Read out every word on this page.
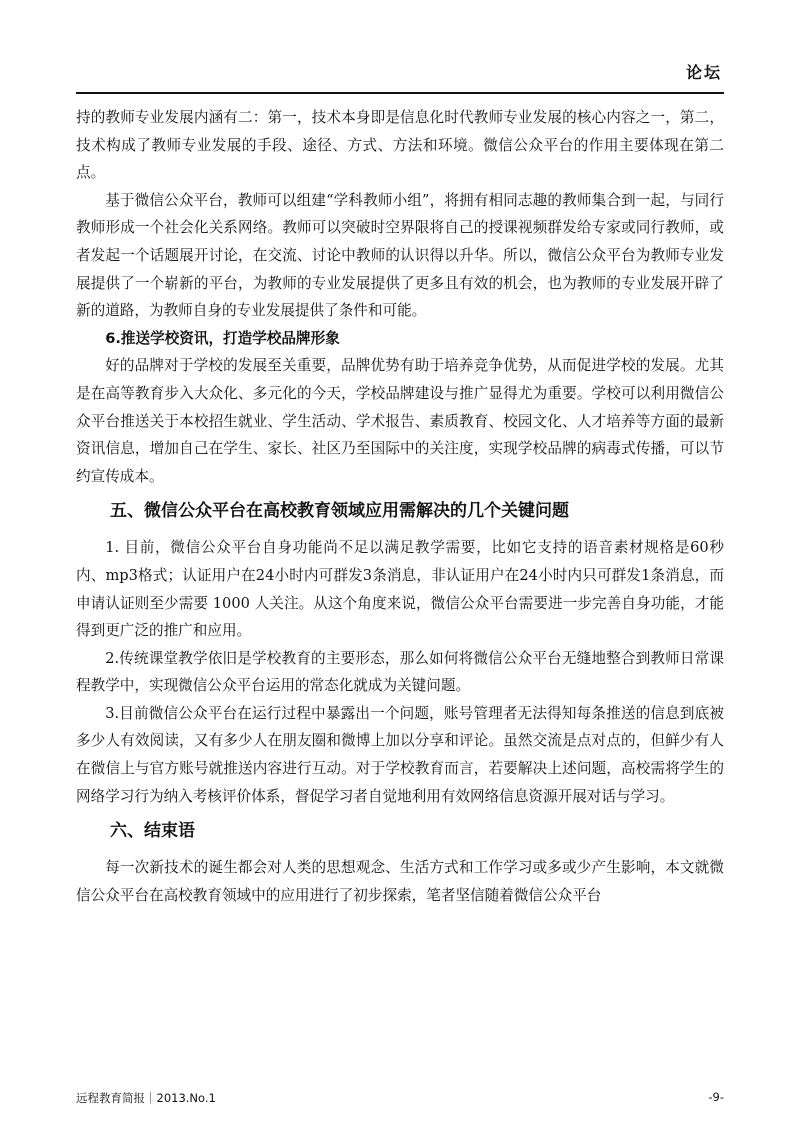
论坛

持的教师专业发展内涵有二：第一，技术本身即是信息化时代教师专业发展的核心内容之一，第二，技术构成了教师专业发展的手段、途径、方式、方法和环境。微信公众平台的作用主要体现在第二点。

基于微信公众平台，教师可以组建“学科教师小组”，将拥有相同志趣的教师集合到一起，与同行教师形成一个社会化关系网络。教师可以突破时空界限将自己的授课视频群发给专家或同行教师，或者发起一个话题展开讨论，在交流、讨论中教师的认识得以升华。所以，微信公众平台为教师专业发展提供了一个崭新的平台，为教师的专业发展提供了更多且有效的机会，也为教师的专业发展开辟了新的道路，为教师自身的专业发展提供了条件和可能。

6.推送学校资讯，打造学校品牌形象

好的品牌对于学校的发展至关重要，品牌优势有助于培养竞争优势，从而促进学校的发展。尤其是在高等教育步入大众化、多元化的今天，学校品牌建设与推广显得尤为重要。学校可以利用微信公众平台推送关于本校招生就业、学生活动、学术报告、素质教育、校园文化、人才培养等方面的最新资讯信息，增加自己在学生、家长、社区乃至国际中的关注度，实现学校品牌的病毒式传播，可以节约宣传成本。

五、微信公众平台在高校教育领域应用需解决的几个关键问题

1. 目前，微信公众平台自身功能尚不足以满足教学需要，比如它支持的语音素材规格是60秒内、mp3格式；认证用户在24小时内可群发3条消息，非认证用户在24小时内只可群发1条消息，而申请认证则至少需要 1000 人关注。从这个角度来说，微信公众平台需要进一步完善自身功能，才能得到更广泛的推广和应用。

2.传统课堂教学依旧是学校教育的主要形态，那么如何将微信公众平台无缝地整合到教师日常课程教学中，实现微信公众平台运用的常态化就成为关键问题。

3.目前微信公众平台在运行过程中暴露出一个问题，账号管理者无法得知每条推送的信息到底被多少人有效阅读，又有多少人在朋友圈和微博上加以分享和评论。虽然交流是点对点的，但鲜少有人在微信上与官方账号就推送内容进行互动。对于学校教育而言，若要解决上述问题，高校需将学生的网络学习行为纳入考核评价体系，督促学习者自觉地利用有效网络信息资源开展对话与学习。

六、结束语

每一次新技术的诞生都会对人类的思想观念、生活方式和工作学习或多或少产生影响，本文就微信公众平台在高校教育领域中的应用进行了初步探索，笔者坚信随着微信公众平台

远程教育简报｜2013.No.1	-9-
